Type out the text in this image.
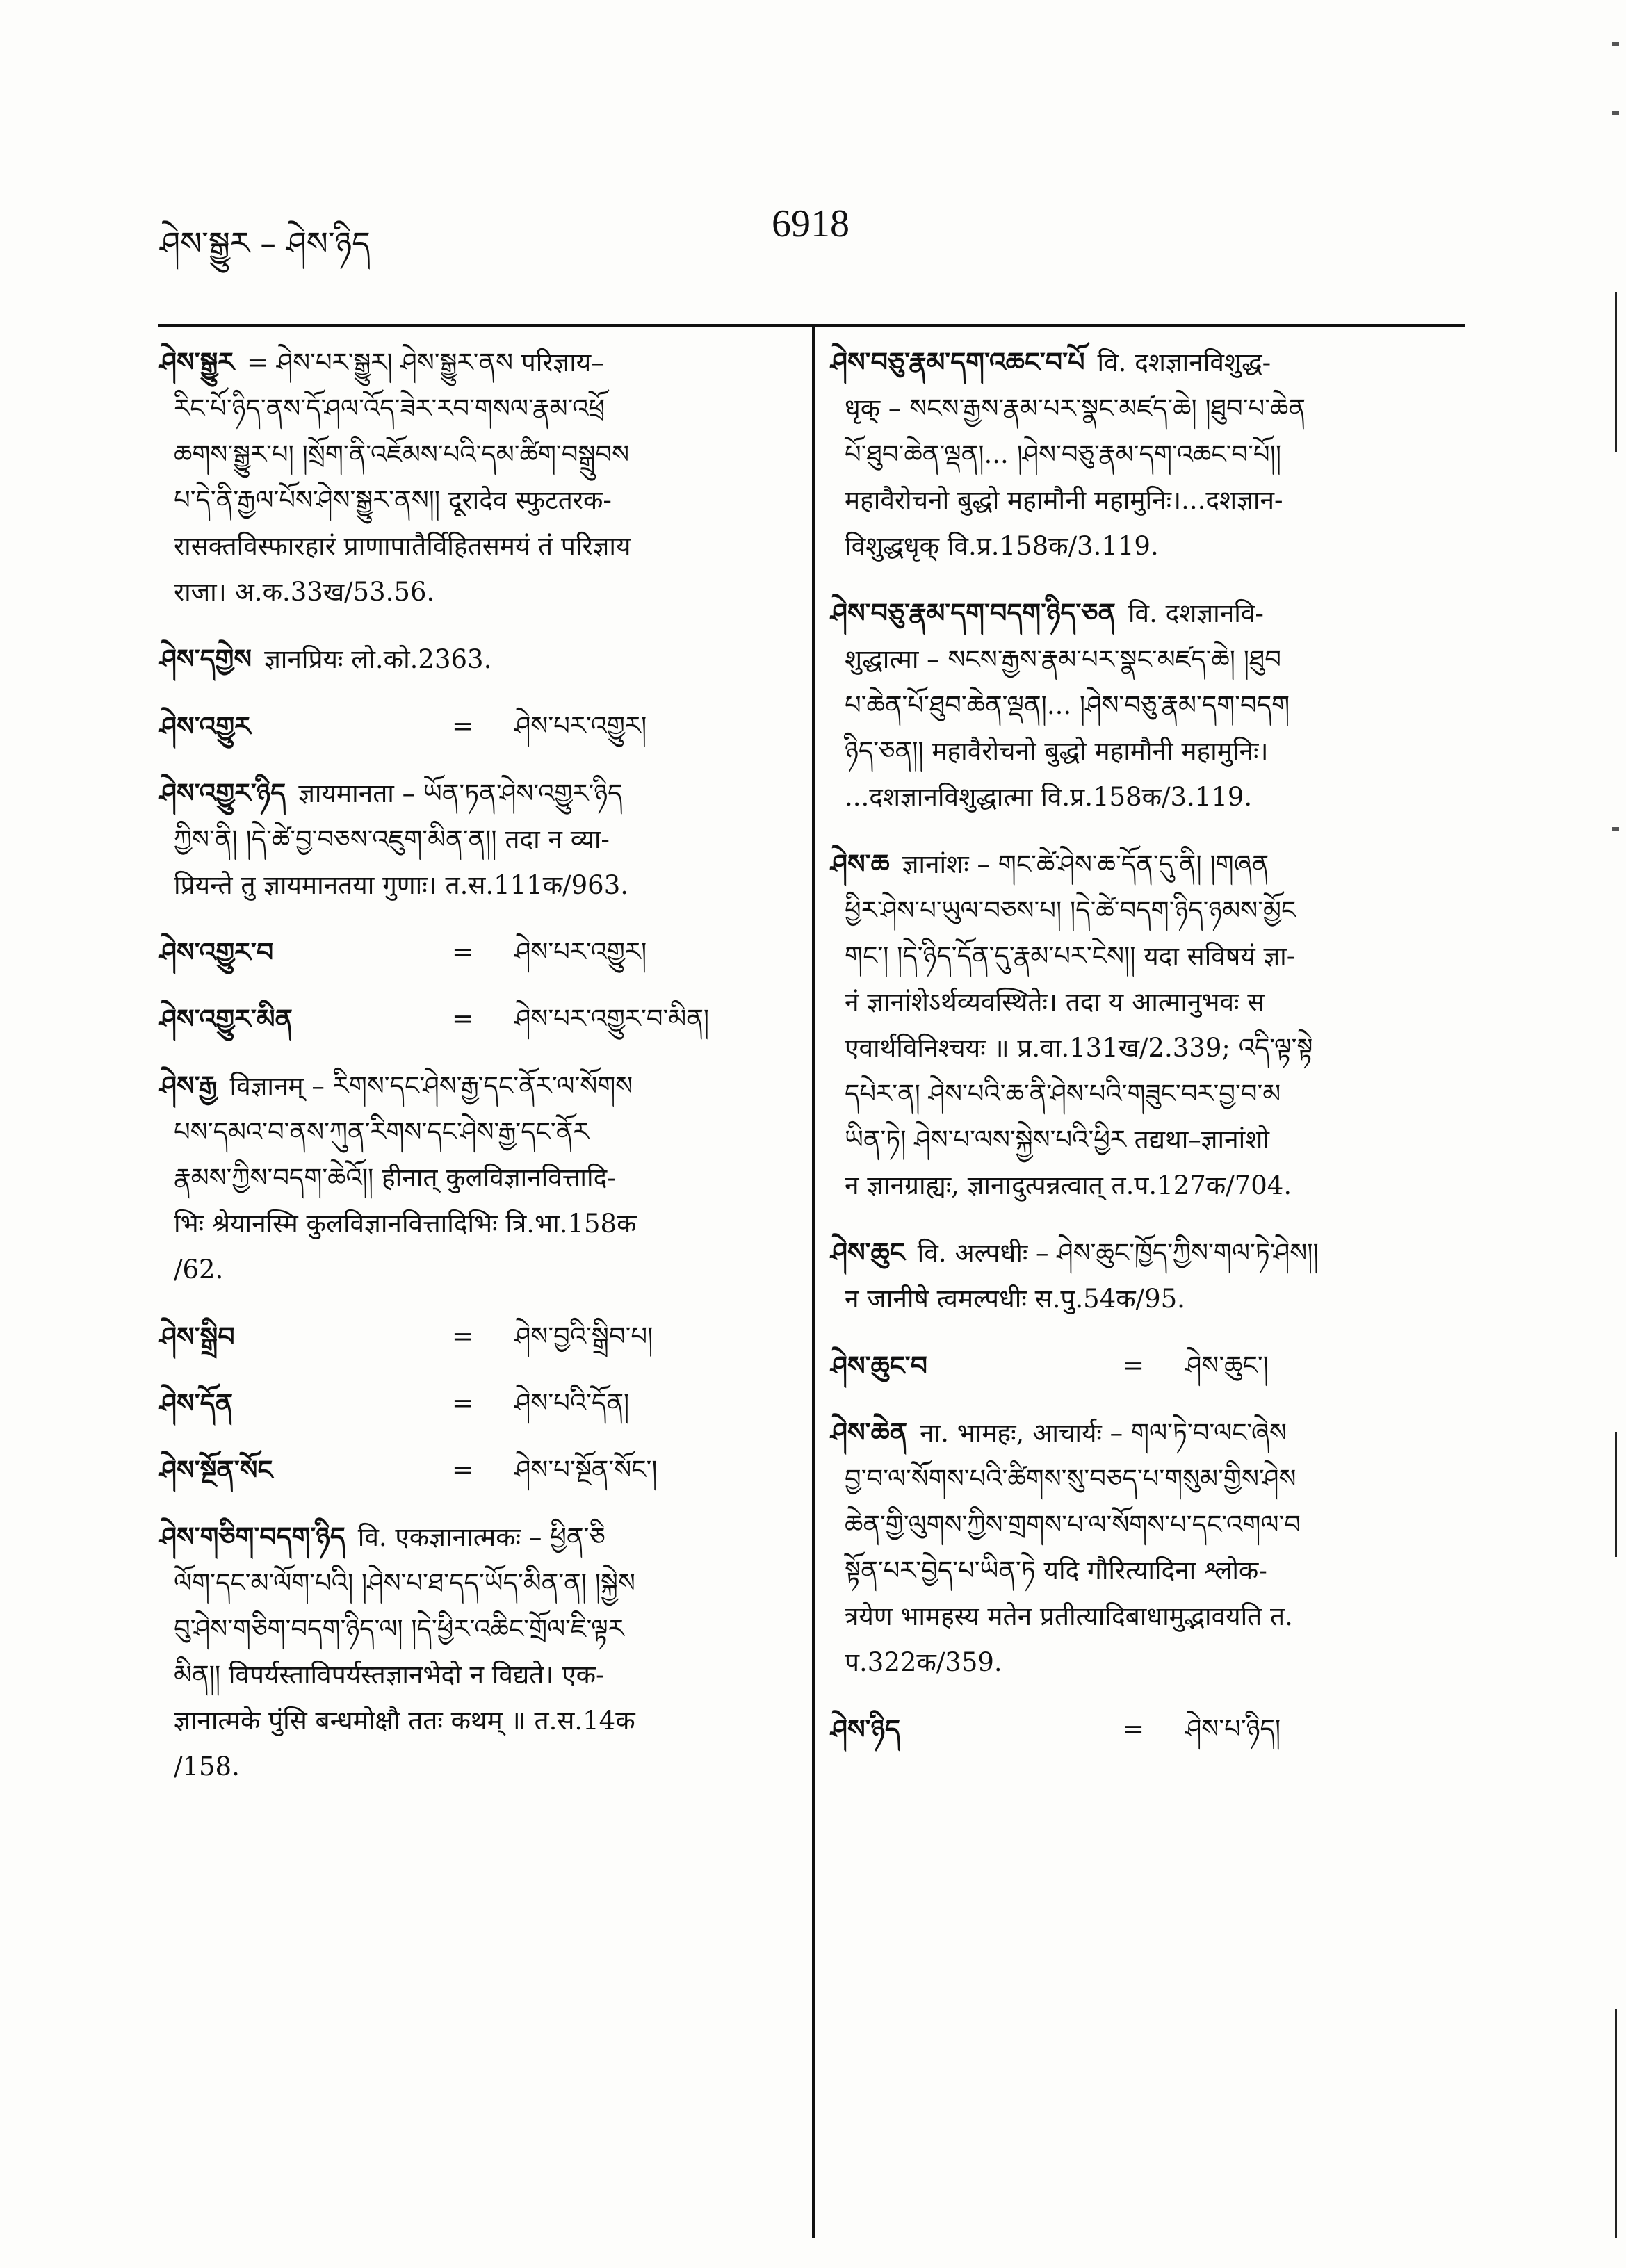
ཤེས་སྒྱུར – ཤེས་ཉིད	6918

ཤེས་སྒྱུར = ཤེས་པར་སྒྱུར། ཤེས་སྒྱུར་ནས परिज्ञाय–

རིང་པོ་ཉིད་ནས་དོ་ཤལ་འོད་ཟེར་རབ་གསལ་རྣམ་འཕྲོ

ཆགས་སྒྱུར་པ། །སྲོག་ནི་འཇོམས་པའི་དམ་ཚིག་བསྒྲུབས

པ་དེ་ནི་རྒྱལ་པོས་ཤེས་སྒྱུར་ནས།། दूरादेव स्फुटतरक-

रासक्तविस्फारहारं प्राणापातैर्विहितसमयं तं परिज्ञाय

राजा। अ.क.33ख/53.56.

ཤེས་དགྱེས ज्ञानप्रियः लो.को.2363.

ཤེས་འགྱུར	=	ཤེས་པར་འགྱུར།

ཤེས་འགྱུར་ཉིད ज्ञायमानता – ཡོན་ཏན་ཤེས་འགྱུར་ཉིད

ཀྱིས་ནི། །དེ་ཚེ་བྱ་བཅས་འཇུག་མིན་ན།། तदा न व्या-

प्रियन्ते तु ज्ञायमानतया गुणाः। त.स.111क/963.

ཤེས་འགྱུར་བ	=	ཤེས་པར་འགྱུར།
ཤེས་འགྱུར་མིན	=	ཤེས་པར་འགྱུར་བ་མིན།

ཤེས་རྒྱ विज्ञानम् – རིགས་དང་ཤེས་རྒྱ་དང་ནོར་ལ་སོགས

པས་དམའ་བ་ནས་ཀུན་རིགས་དང་ཤེས་རྒྱ་དང་ནོར

རྣམས་ཀྱིས་བདག་ཆེའོ།། हीनात् कुलविज्ञानवित्तादि-

भिः श्रेयानस्मि कुलविज्ञानवित्तादिभिः त्रि.भा.158क

/62.

ཤེས་སྒྲིབ	=	ཤེས་བྱའི་སྒྲིབ་པ།
ཤེས་དོན	=	ཤེས་པའི་དོན།
ཤེས་སྔོན་སོང	=	ཤེས་པ་སྔོན་སོང་།

ཤེས་གཅིག་བདག་ཉིད वि. एकज्ञानात्मकः – ཕྱིན་ཅི

ལོག་དང་མ་ལོག་པའི། །ཤེས་པ་ཐ་དད་ཡོད་མིན་ན། །སྐྱེས

བུ་ཤེས་གཅིག་བདག་ཉིད་ལ། །དེ་ཕྱིར་འཆིང་གྲོལ་ཇི་ལྟར

མིན།། विपर्यस्ताविपर्यस्तज्ञानभेदो न विद्यते। एक-

ज्ञानात्मके पुंसि बन्धमोक्षौ ततः कथम् ॥ त.स.14क

/158.

ཤེས་བཅུ་རྣམ་དག་འཆང་བ་པོ वि. दशज्ञानविशुद्ध-

धृक् – སངས་རྒྱས་རྣམ་པར་སྣང་མཛད་ཆེ། །ཐུབ་པ་ཆེན

པོ་ཐུབ་ཆེན་ལྡན།... །ཤེས་བཅུ་རྣམ་དག་འཆང་བ་པོ།།

महावैरोचनो बुद्धो महामौनी महामुनिः।...दशज्ञान-

विशुद्धधृक् वि.प्र.158क/3.119.

ཤེས་བཅུ་རྣམ་དག་བདག་ཉིད་ཅན वि. दशज्ञानवि-

शुद्धात्मा – སངས་རྒྱས་རྣམ་པར་སྣང་མཛད་ཆེ། །ཐུབ

པ་ཆེན་པོ་ཐུབ་ཆེན་ལྡན།... །ཤེས་བཅུ་རྣམ་དག་བདག

ཉིད་ཅན།། महावैरोचनो बुद्धो महामौनी महामुनिः।

...दशज्ञानविशुद्धात्मा वि.प्र.158क/3.119.

ཤེས་ཆ ज्ञानांशः – གང་ཚེ་ཤེས་ཆ་དོན་དུ་ནི། །གཞན

ཕྱིར་ཤེས་པ་ཡུལ་བཅས་པ། །དེ་ཚེ་བདག་ཉིད་ཉམས་མྱོང

གང་། །དེ་ཉིད་དོན་དུ་རྣམ་པར་ངེས།། यदा सविषयं ज्ञा-

नं ज्ञानांशेऽर्थव्यवस्थितेः। तदा य आत्मानुभवः स

एवार्थविनिश्चयः ॥ प्र.वा.131ख/2.339; འདི་ལྟ་སྟེ

དཔེར་ན། ཤེས་པའི་ཆ་ནི་ཤེས་པའི་གཟུང་བར་བྱ་བ་མ

ཡིན་ཏེ། ཤེས་པ་ལས་སྐྱེས་པའི་ཕྱིར तद्यथा–ज्ञानांशो

न ज्ञानग्राह्यः, ज्ञानादुत्पन्नत्वात् त.प.127क/704.

ཤེས་ཆུང वि. अल्पधीः – ཤེས་ཆུང་ཁྱོད་ཀྱིས་གལ་ཏེ་ཤེས།།

न जानीषे त्वमल्पधीः स.पु.54क/95.

ཤེས་ཆུང་བ	=	ཤེས་ཆུང་།

ཤེས་ཆེན ना. भामहः, आचार्यः – གལ་ཏེ་བ་ལང་ཞེས

བྱ་བ་ལ་སོགས་པའི་ཚིགས་སུ་བཅད་པ་གསུམ་གྱིས་ཤེས

ཆེན་གྱི་ལུགས་ཀྱིས་གྲགས་པ་ལ་སོགས་པ་དང་འགལ་བ

སྟོན་པར་བྱེད་པ་ཡིན་ཏེ यदि गौरित्यादिना श्लोक-

त्रयेण भामहस्य मतेन प्रतीत्यादिबाधामुद्भावयति त.

प.322क/359.

ཤེས་ཉིད	=	ཤེས་པ་ཉིད།
